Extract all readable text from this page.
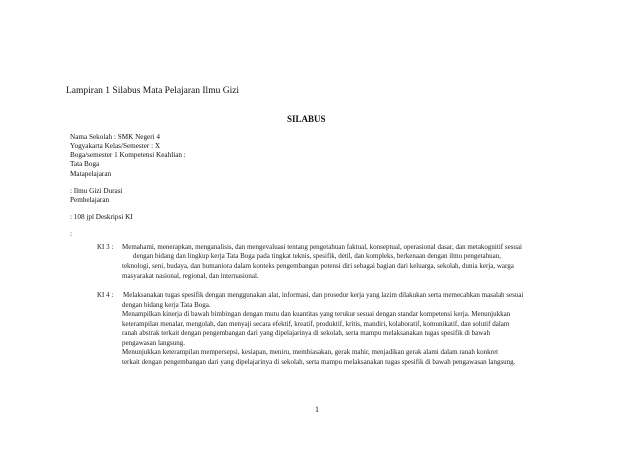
Lampiran 1 Silabus Mata Pelajaran Ilmu Gizi
SILABUS
Nama Sekolah : SMK Negeri 4
Yogyakarta Kelas/Semester : X
Boga/semester 1 Kompetensi Keahlian :
Tata Boga
Matapelajaran
: Ilmu Gizi Durasi
Pembelajaran
: 108 jpl Deskripsi KI
:
KI 3 : Memahami, menerapkan, menganalisis, dan mengevaluasi tentang pengetahuan faktual, konseptual, operasional dasar, dan metakognitif sesuai
dengan bidang dan lingkup kerja Tata Boga pada tingkat teknis, spesifik, detil, dan kompleks, berkenaan dengan ilmu pengetahuan,
teknologi, seni, budaya, dan humaniora dalam konteks pengembangan potensi diri sebagai bagian dari keluarga, sekolah, dunia kerja, warga
masyarakat nasional, regional, dan internasional.
KI 4 : Melaksanakan tugas spesifik dengan menggunakan alat, informasi, dan prosedur kerja yang lazim dilakukan serta memecahkan masalah sesuai
dengan bidang kerja Tata Boga.
Menampilkan kinerja di bawah bimbingan dengan mutu dan kuantitas yang terukur sesuai dengan standar kompetensi kerja. Menunjukkan
keterampilan menalar, mengolah, dan menyaji secara efektif, kreatif, produktif, kritis, mandiri, kolaboratif, komunikatif, dan solutif dalam
ranah abstrak terkait dengan pengembangan dari yang dipelajarinya di sekolah, serta mampu melaksanakan tugas spesifik di bawah
pengawasan langsung.
Menunjukkan keterampilan mempersepsi, kesiapan, meniru, membiasakan, gerak mahir, menjadikan gerak alami dalam ranah konkret
terkait dengan pengembangan dari yang dipelajarinya di sekolah, serta mampu melaksanakan tugas spesifik di bawah pengawasan langsung.
1
